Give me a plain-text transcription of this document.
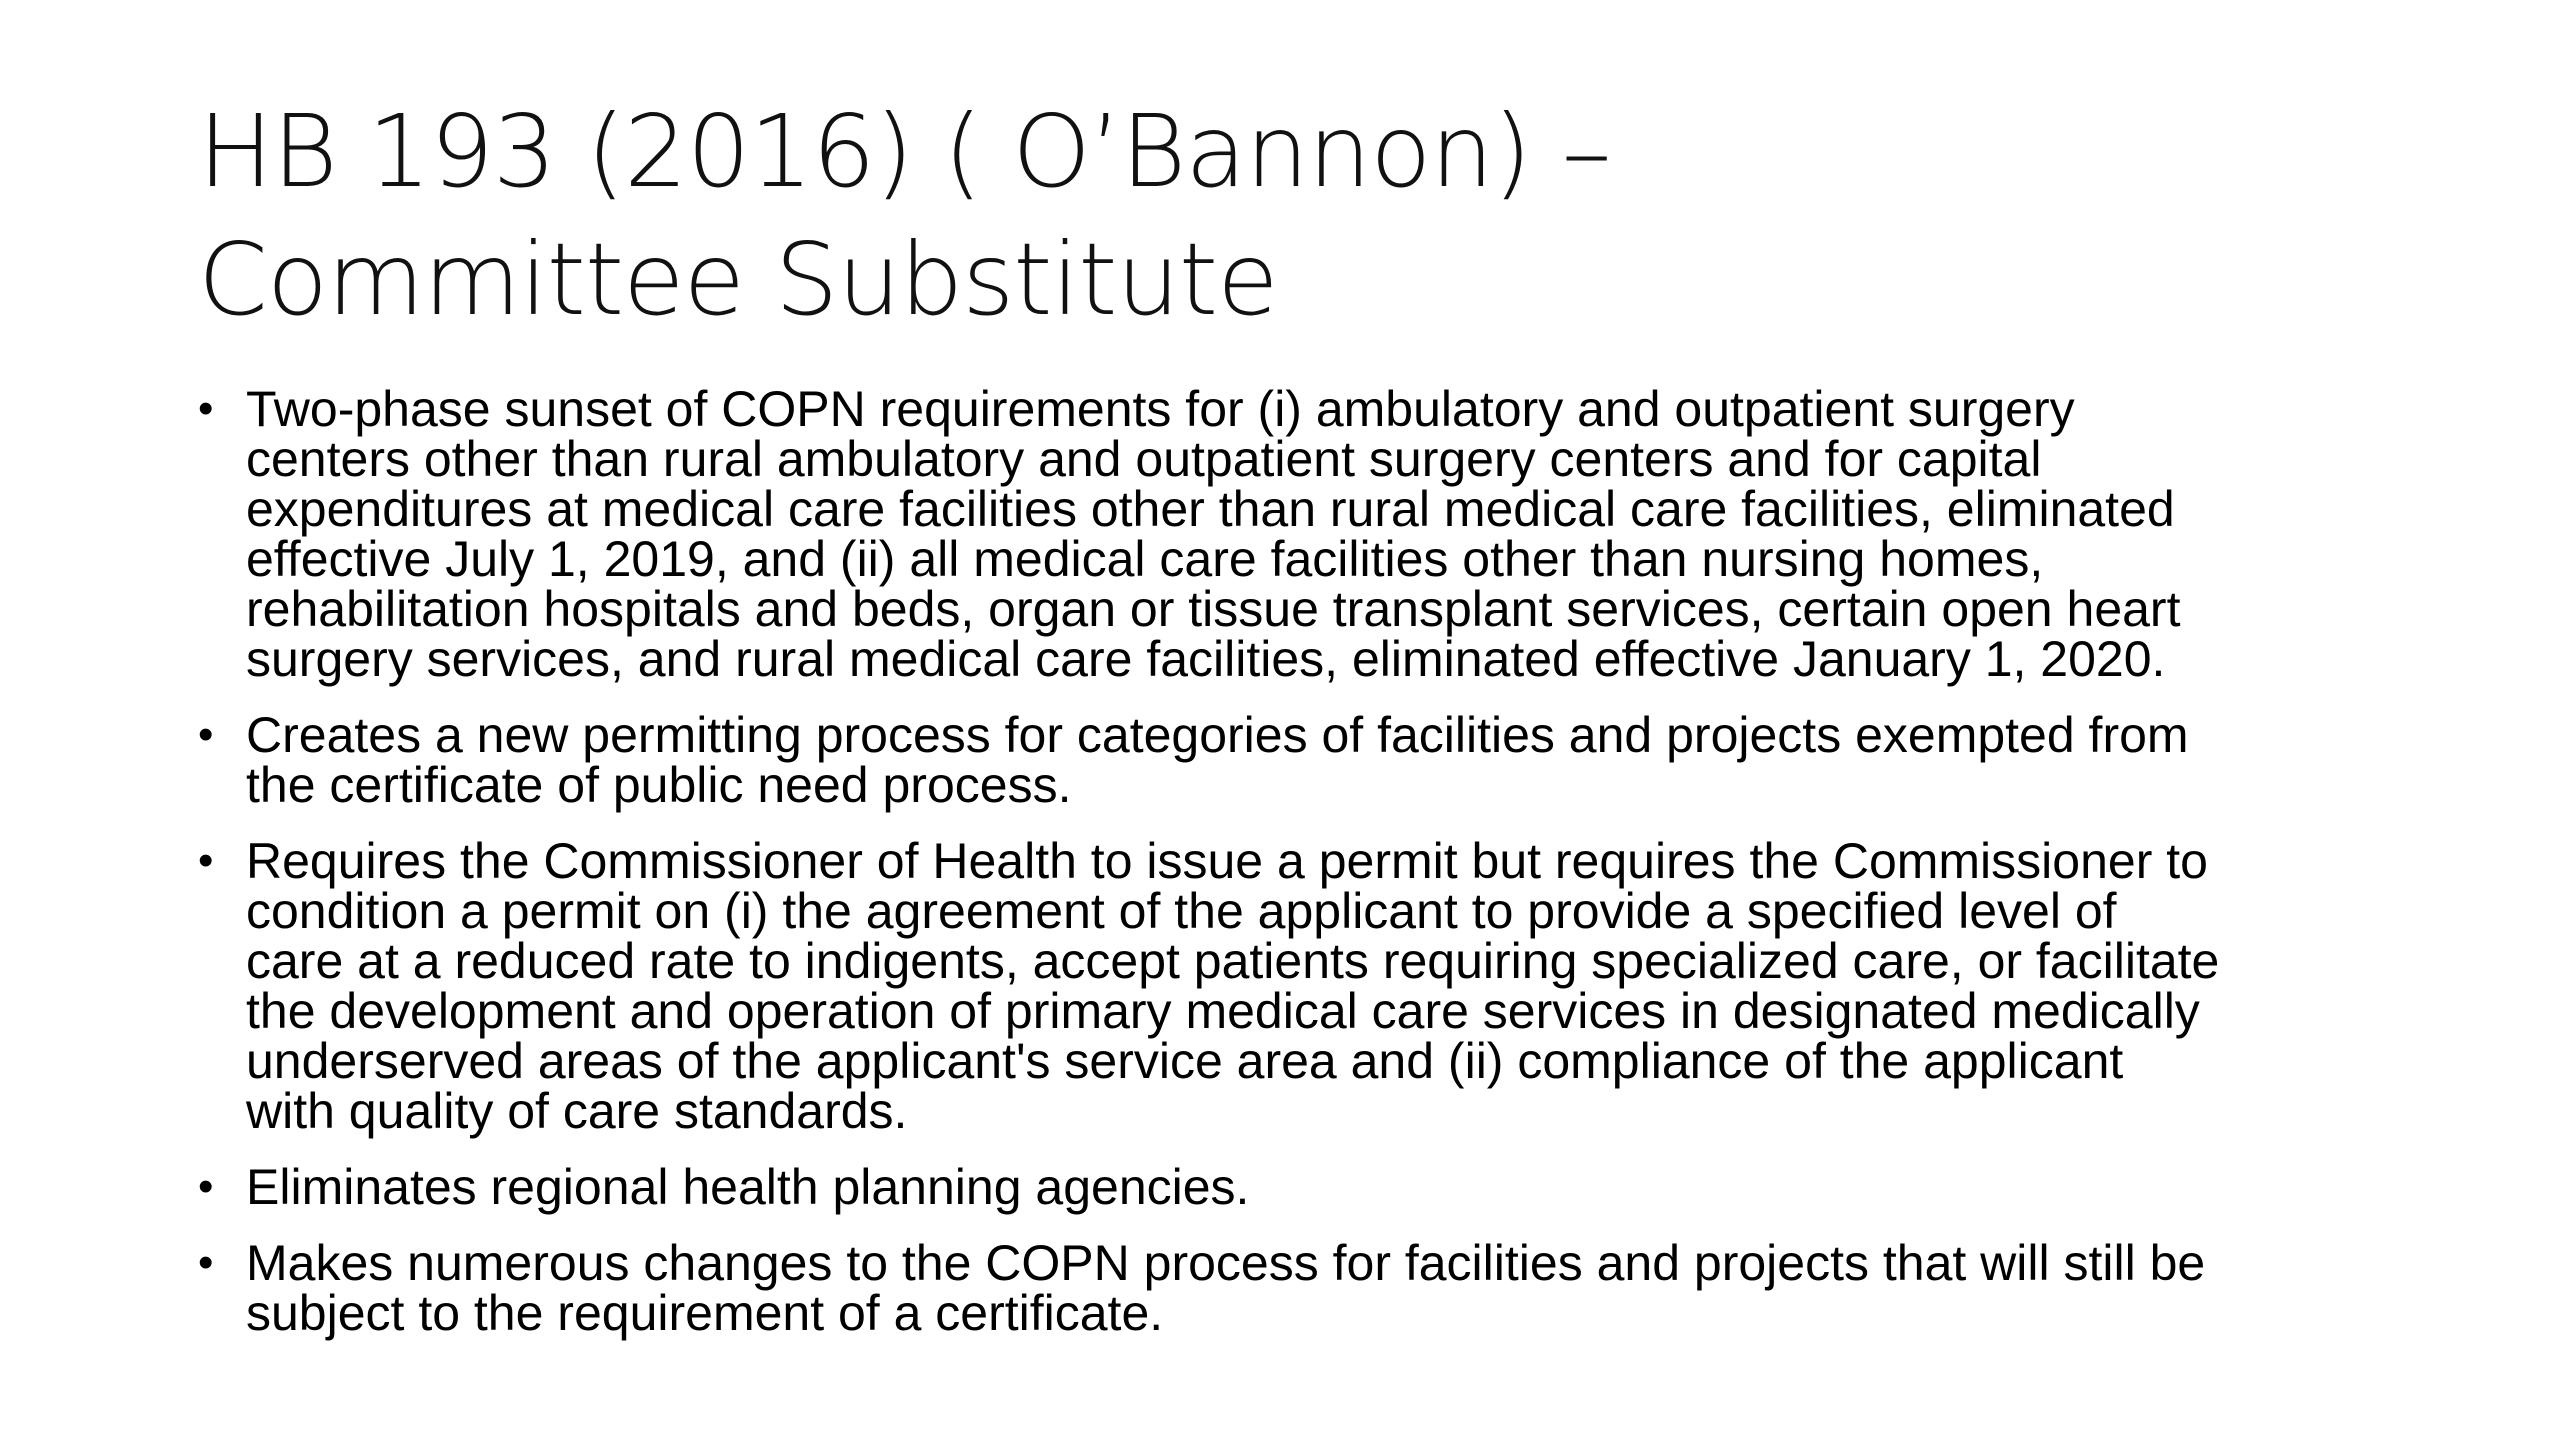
HB 193 (2016) ( O’Bannon) –
Committee Substitute
• Two-phase sunset of COPN requirements for (i) ambulatory and outpatient surgery
centers other than rural ambulatory and outpatient surgery centers and for capital
expenditures at medical care facilities other than rural medical care facilities, eliminated
effective July 1, 2019, and (ii) all medical care facilities other than nursing homes,
rehabilitation hospitals and beds, organ or tissue transplant services, certain open heart
surgery services, and rural medical care facilities, eliminated effective January 1, 2020.
• Creates a new permitting process for categories of facilities and projects exempted from
the certificate of public need process.
• Requires the Commissioner of Health to issue a permit but requires the Commissioner to
condition a permit on (i) the agreement of the applicant to provide a specified level of
care at a reduced rate to indigents, accept patients requiring specialized care, or facilitate
the development and operation of primary medical care services in designated medically
underserved areas of the applicant's service area and (ii) compliance of the applicant
with quality of care standards.
• Eliminates regional health planning agencies.
• Makes numerous changes to the COPN process for facilities and projects that will still be
subject to the requirement of a certificate.
